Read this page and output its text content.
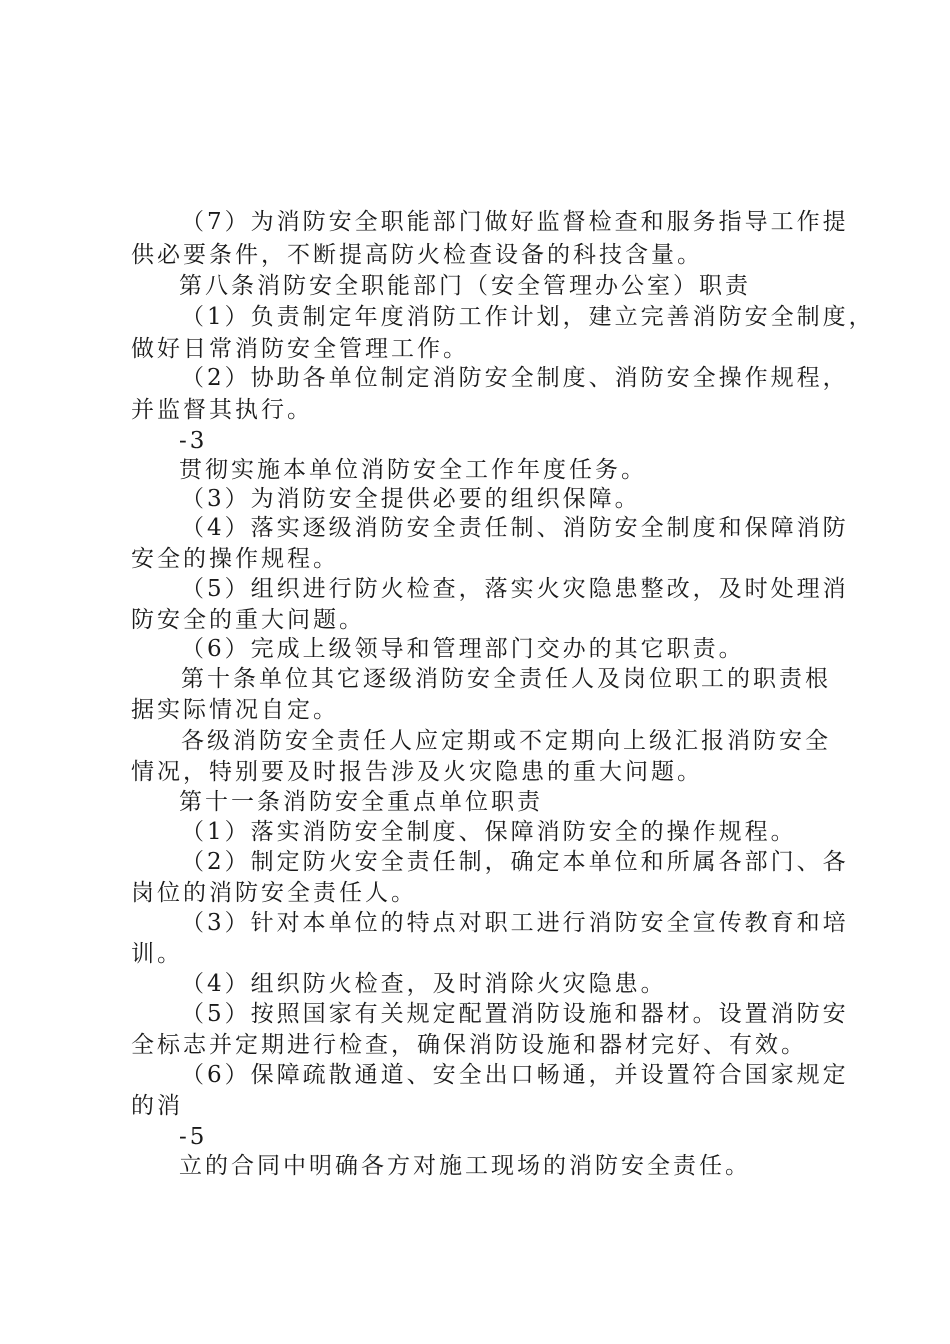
（7）为消防安全职能部门做好监督检查和服务指导工作提
供必要条件，不断提高防火检查设备的科技含量。
第八条消防安全职能部门（安全管理办公室）职责
（1）负责制定年度消防工作计划，建立完善消防安全制度，
做好日常消防安全管理工作。
（2）协助各单位制定消防安全制度、消防安全操作规程，
并监督其执行。
-3
贯彻实施本单位消防安全工作年度任务。
（3）为消防安全提供必要的组织保障。
（4）落实逐级消防安全责任制、消防安全制度和保障消防
安全的操作规程。
（5）组织进行防火检查，落实火灾隐患整改，及时处理消
防安全的重大问题。
（6）完成上级领导和管理部门交办的其它职责。
第十条单位其它逐级消防安全责任人及岗位职工的职责根
据实际情况自定。
各级消防安全责任人应定期或不定期向上级汇报消防安全
情况，特别要及时报告涉及火灾隐患的重大问题。
第十一条消防安全重点单位职责
（1）落实消防安全制度、保障消防安全的操作规程。
（2）制定防火安全责任制，确定本单位和所属各部门、各
岗位的消防安全责任人。
（3）针对本单位的特点对职工进行消防安全宣传教育和培
训。
（4）组织防火检查，及时消除火灾隐患。
（5）按照国家有关规定配置消防设施和器材。设置消防安
全标志并定期进行检查，确保消防设施和器材完好、有效。
（6）保障疏散通道、安全出口畅通，并设置符合国家规定
的消
-5
立的合同中明确各方对施工现场的消防安全责任。
